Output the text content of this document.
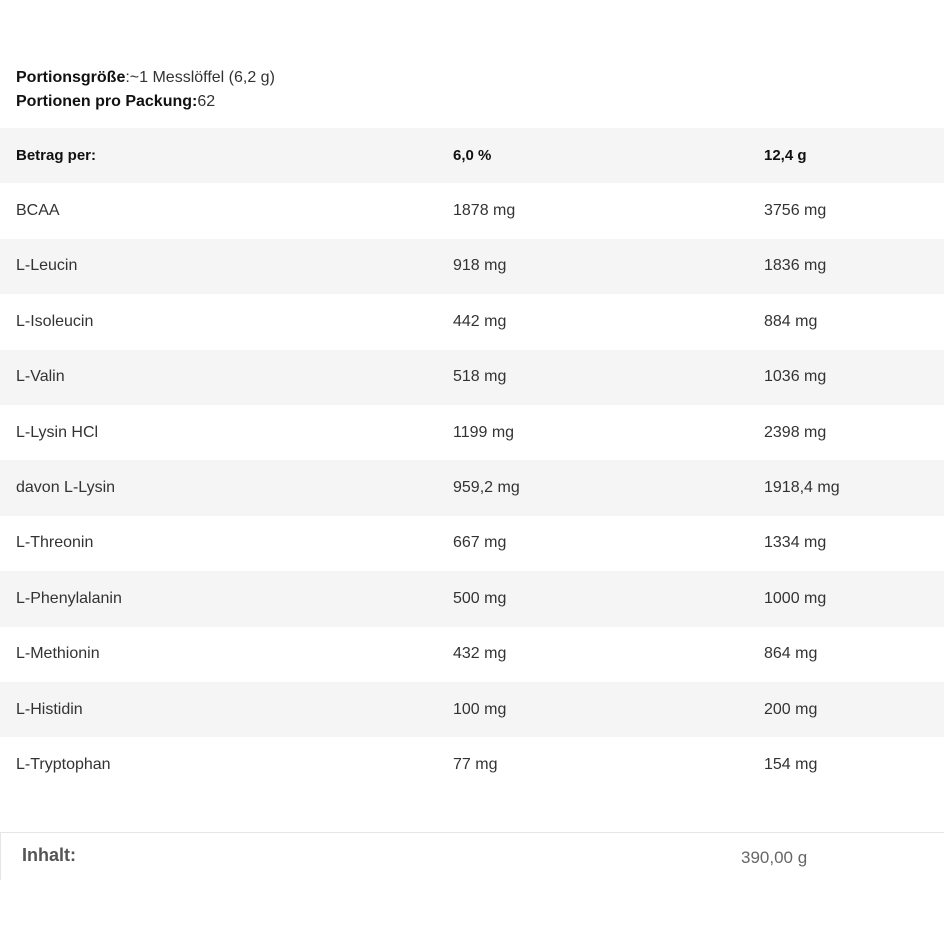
Portionsgröße:~1 Messlöffel (6,2 g)
Portionen pro Packung:62
Betrag per:	6,0 %	12,4 g
BCAA	1878 mg	3756 mg
L-Leucin	918 mg	1836 mg
L-Isoleucin	442 mg	884 mg
L-Valin	518 mg	1036 mg
L-Lysin HCl	1199 mg	2398 mg
davon L-Lysin	959,2 mg	1918,4 mg
L-Threonin	667 mg	1334 mg
L-Phenylalanin	500 mg	1000 mg
L-Methionin	432 mg	864 mg
L-Histidin	100 mg	200 mg
L-Tryptophan	77 mg	154 mg
Inhalt:	390,00 g
